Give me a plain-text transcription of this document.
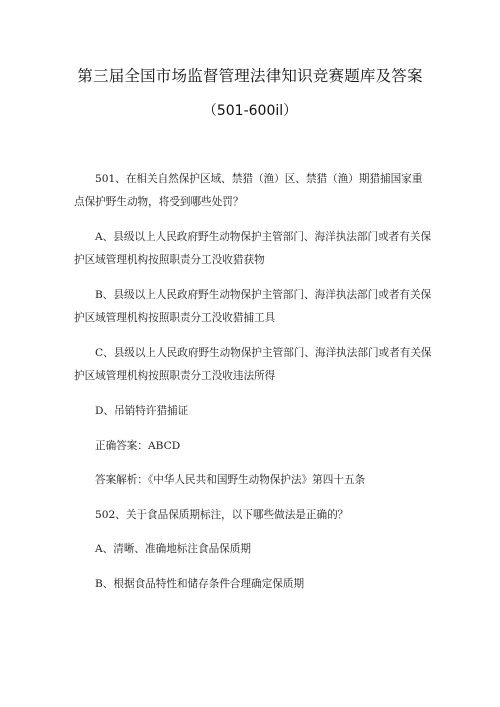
第三届全国市场监督管理法律知识竞赛题库及答案
（501-600il）

501、在相关自然保护区域、禁猎（渔）区、禁猎（渔）期猎捕国家重点保护野生动物，将受到哪些处罚？

A、县级以上人民政府野生动物保护主管部门、海洋执法部门或者有关保护区域管理机构按照职责分工没收猎获物

B、县级以上人民政府野生动物保护主管部门、海洋执法部门或者有关保护区域管理机构按照职责分工没收猎捕工具

C、县级以上人民政府野生动物保护主管部门、海洋执法部门或者有关保护区域管理机构按照职责分工没收违法所得

D、吊销特许猎捕证

正确答案：ABCD

答案解析：《中华人民共和国野生动物保护法》第四十五条

502、关于食品保质期标注，以下哪些做法是正确的？

A、清晰、准确地标注食品保质期

B、根据食品特性和储存条件合理确定保质期
